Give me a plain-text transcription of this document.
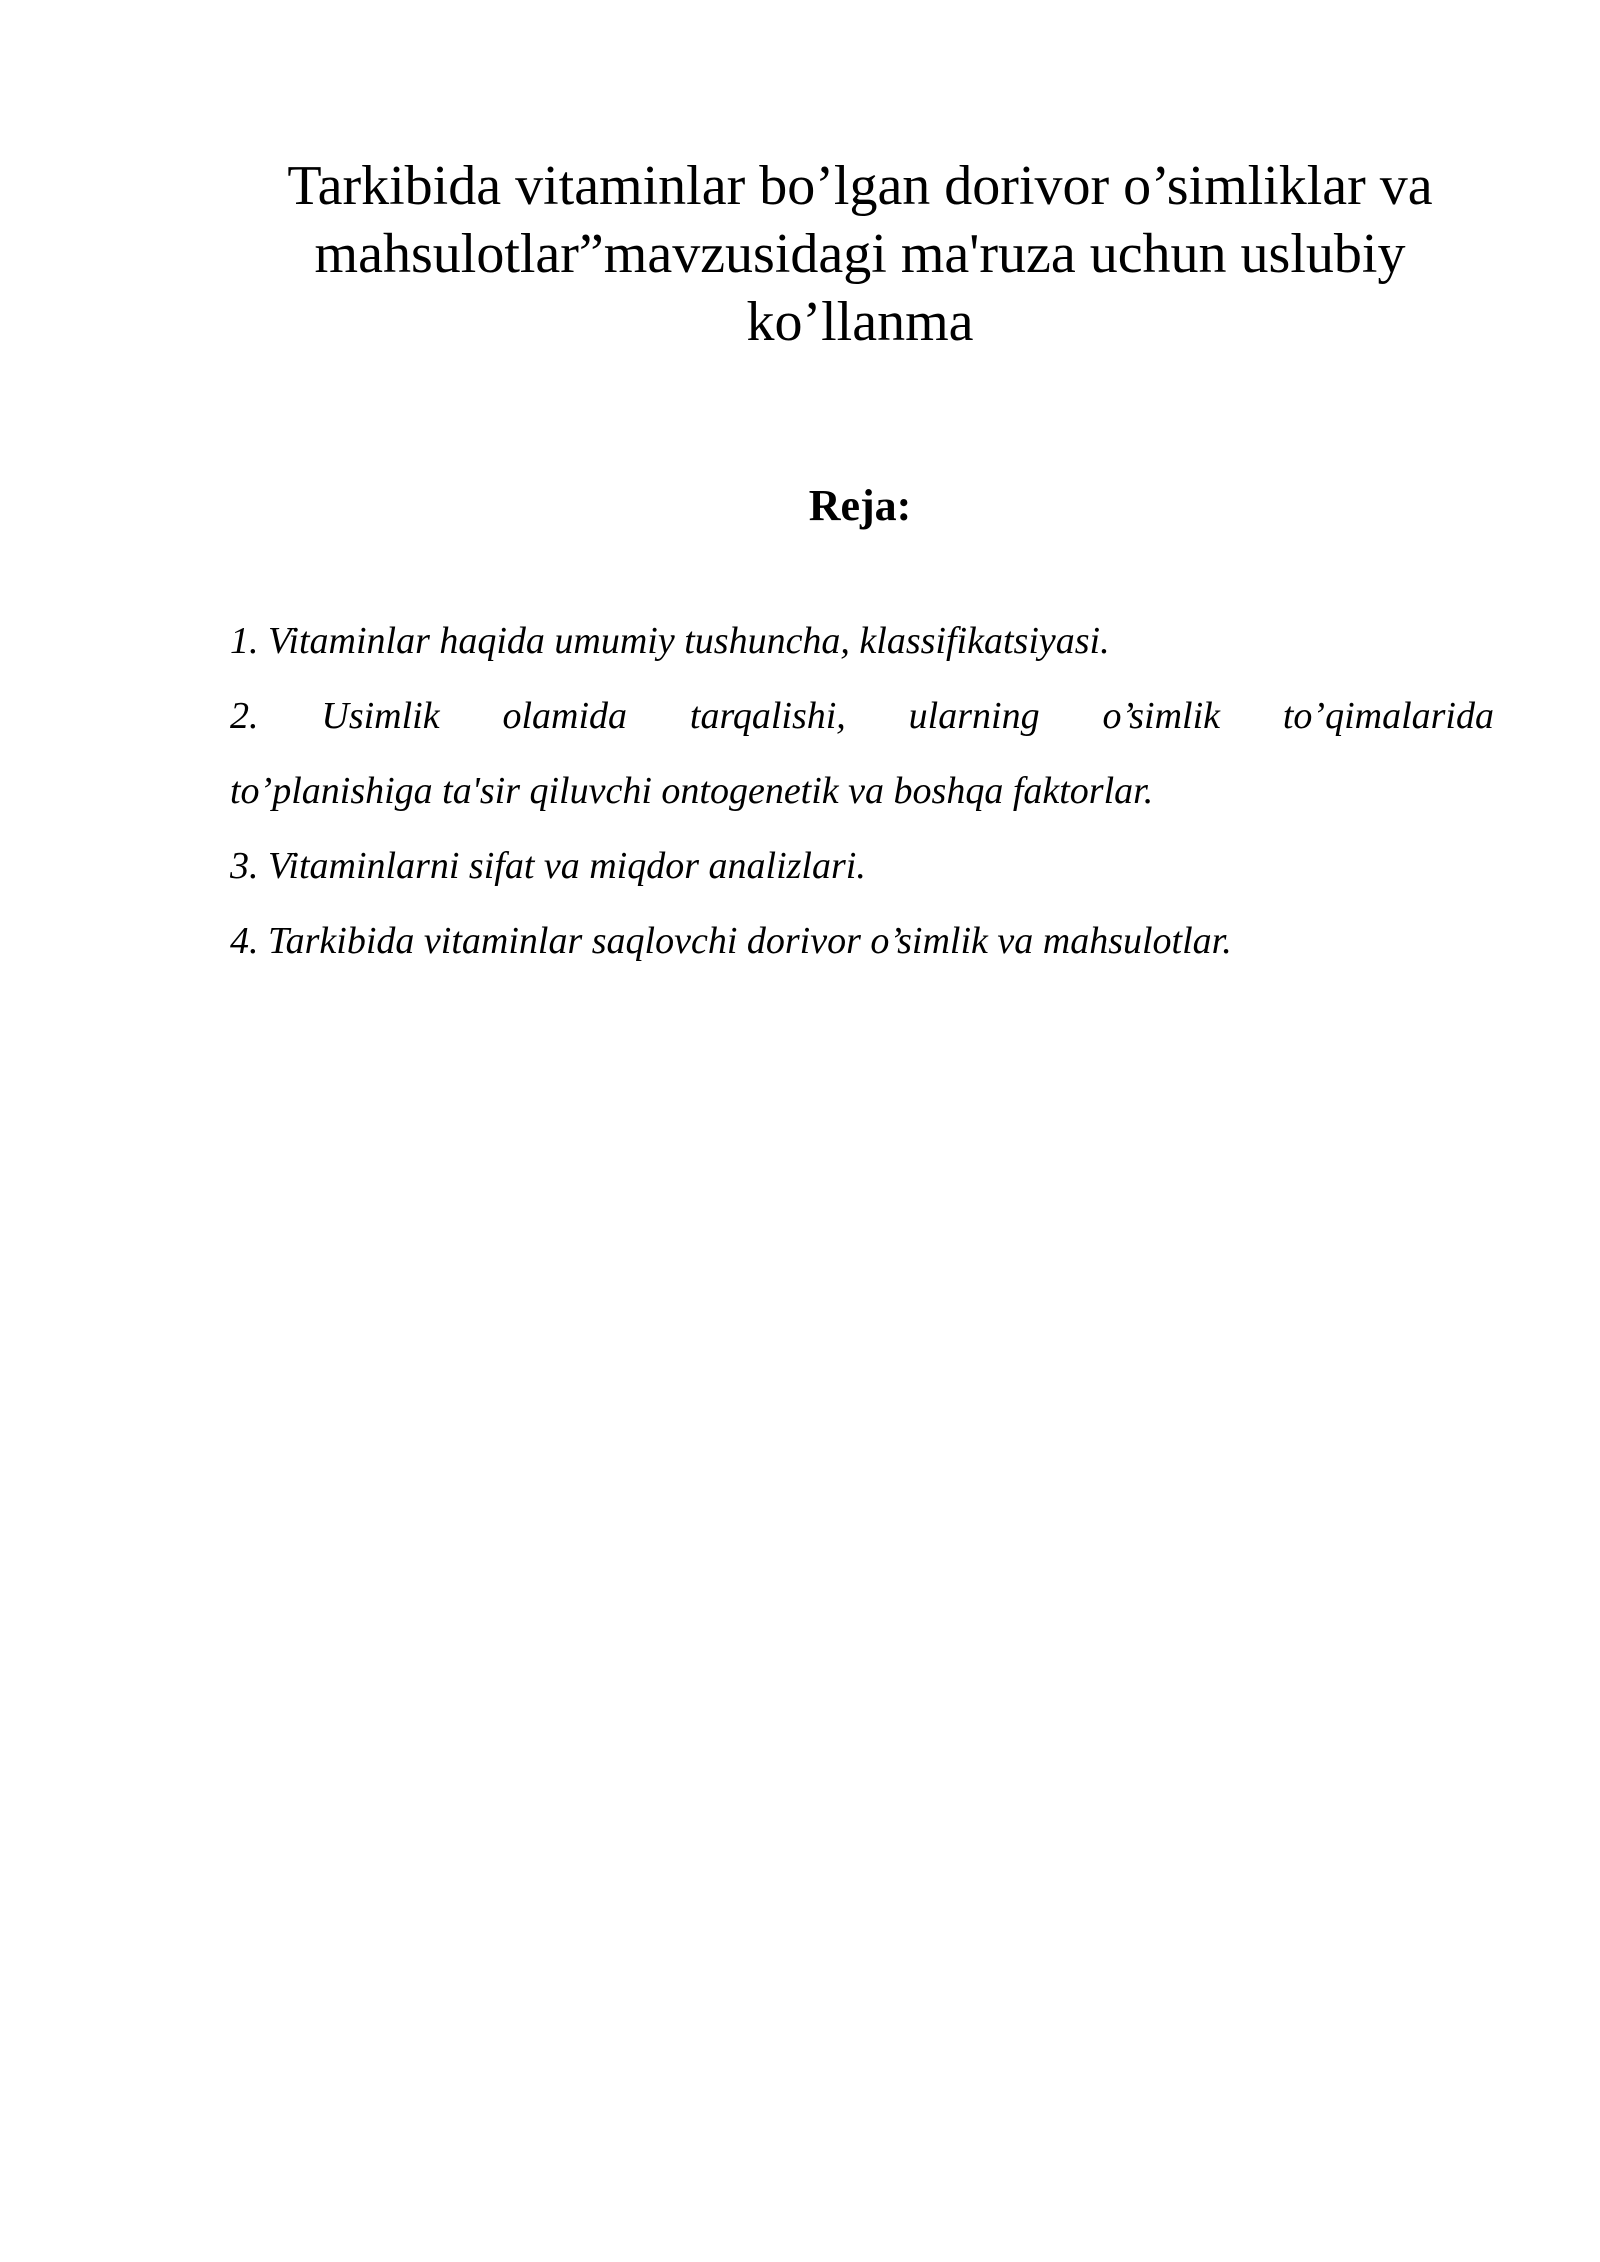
Tarkibida vitaminlar bo’lgan dorivor o’simliklar va
mahsulotlar”mavzusidagi ma'ruza uchun uslubiy
ko’llanma
Reja:
1. Vitaminlar haqida umumiy tushuncha, klassifikatsiyasi.
2. Usimlik olamida tarqalishi, ularning o’simlik to’qimalarida
to’planishiga ta'sir qiluvchi ontogenetik va boshqa faktorlar.
3. Vitaminlarni sifat va miqdor analizlari.
4. Tarkibida vitaminlar saqlovchi dorivor o’simlik va mahsulotlar.
